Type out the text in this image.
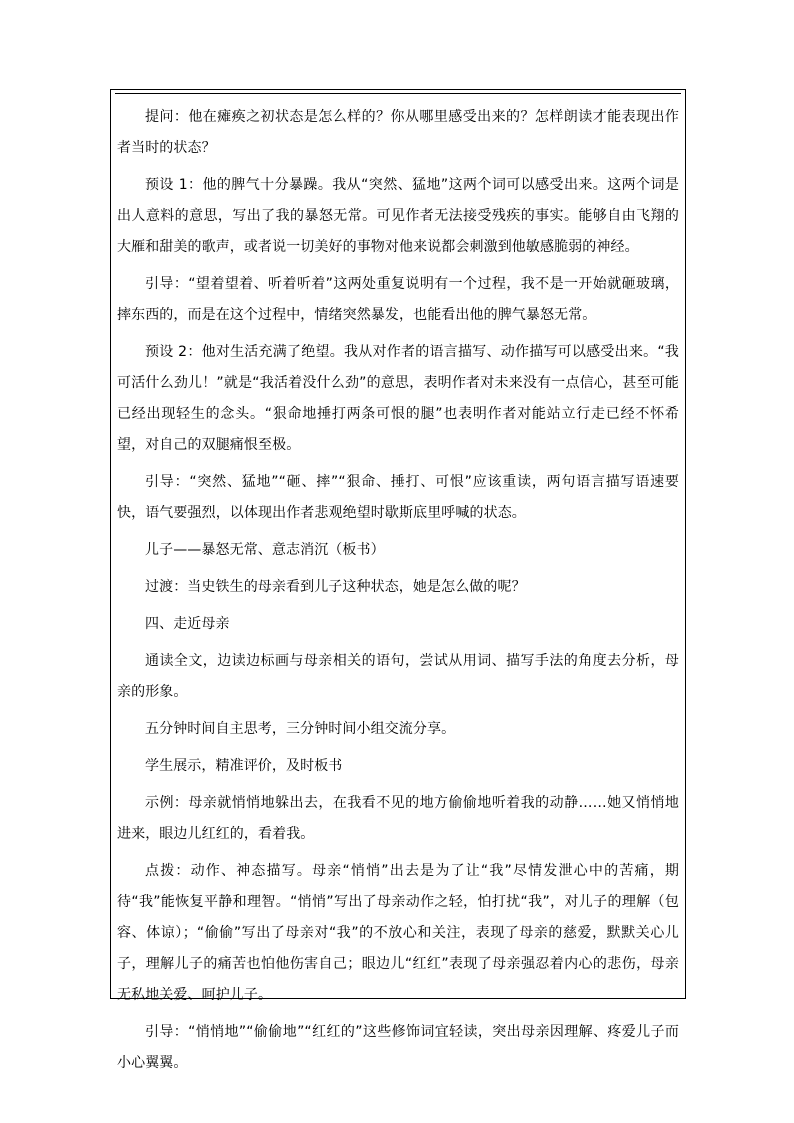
提问：他在瘫痪之初状态是怎么样的？你从哪里感受出来的？怎样朗读才能表现出作者当时的状态？

预设 1：他的脾气十分暴躁。我从“突然、猛地”这两个词可以感受出来。这两个词是出人意料的意思，写出了我的暴怒无常。可见作者无法接受残疾的事实。能够自由飞翔的大雁和甜美的歌声，或者说一切美好的事物对他来说都会刺激到他敏感脆弱的神经。

引导：“望着望着、听着听着”这两处重复说明有一个过程，我不是一开始就砸玻璃，摔东西的，而是在这个过程中，情绪突然暴发，也能看出他的脾气暴怒无常。

预设 2：他对生活充满了绝望。我从对作者的语言描写、动作描写可以感受出来。“我可活什么劲儿！”就是“我活着没什么劲”的意思，表明作者对未来没有一点信心，甚至可能已经出现轻生的念头。“狠命地捶打两条可恨的腿”也表明作者对能站立行走已经不怀希望，对自己的双腿痛恨至极。

引导：“突然、猛地”“砸、摔”“狠命、捶打、可恨”应该重读，两句语言描写语速要快，语气要强烈，以体现出作者悲观绝望时歇斯底里呼喊的状态。

儿子——暴怒无常、意志消沉（板书）

过渡：当史铁生的母亲看到儿子这种状态，她是怎么做的呢？

四、走近母亲

通读全文，边读边标画与母亲相关的语句，尝试从用词、描写手法的角度去分析，母亲的形象。

五分钟时间自主思考，三分钟时间小组交流分享。

学生展示，精准评价，及时板书

示例：母亲就悄悄地躲出去，在我看不见的地方偷偷地听着我的动静……她又悄悄地进来，眼边儿红红的，看着我。

点拨：动作、神态描写。母亲“悄悄”出去是为了让“我”尽情发泄心中的苦痛，期待“我”能恢复平静和理智。“悄悄”写出了母亲动作之轻，怕打扰“我”，对儿子的理解（包容、体谅）；“偷偷”写出了母亲对“我”的不放心和关注，表现了母亲的慈爱，默默关心儿子，理解儿子的痛苦也怕他伤害自己；眼边儿“红红”表现了母亲强忍着内心的悲伤，母亲无私地关爱、呵护儿子。

引导：“悄悄地”“偷偷地”“红红的”这些修饰词宜轻读，突出母亲因理解、疼爱儿子而小心翼翼。
